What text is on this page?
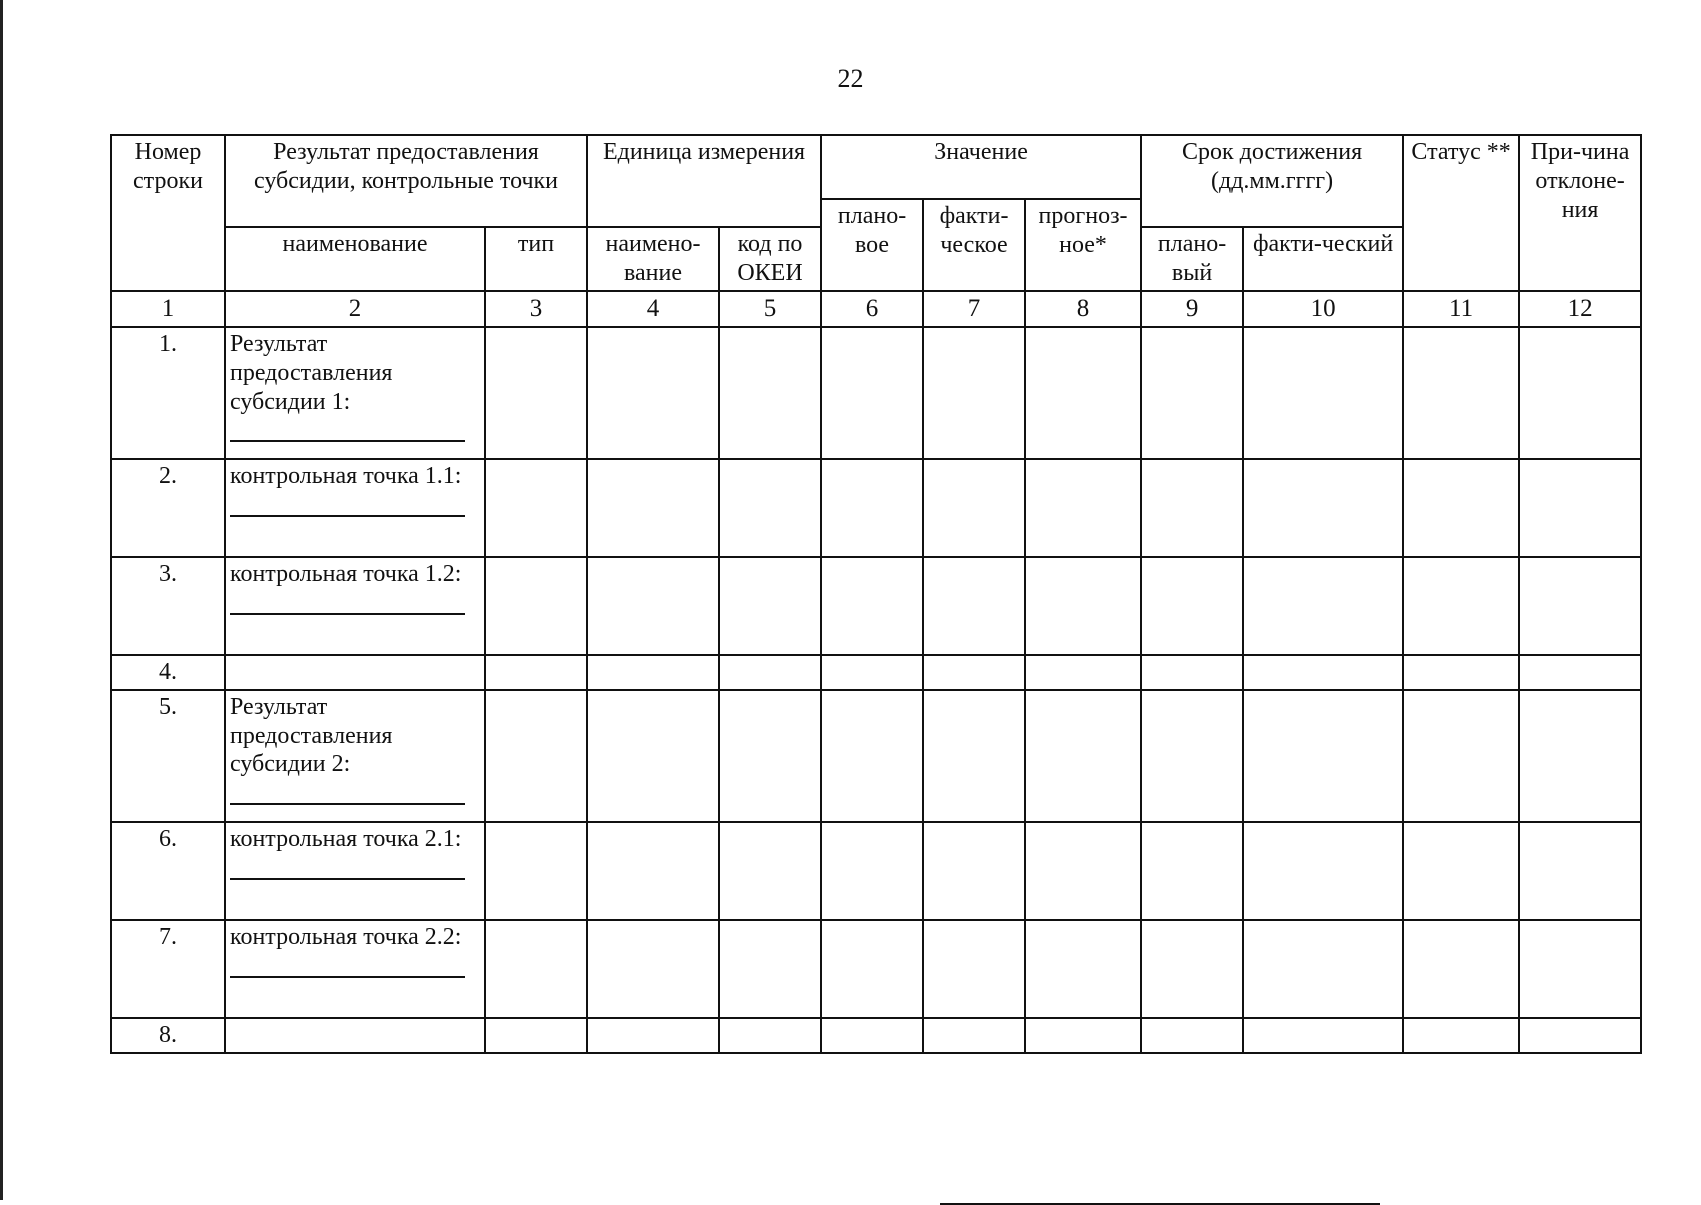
22
Номер строки	Результат предоставления субсидии, контрольные точки		Единица измерения		Значение			Срок достижения (дд.мм.гггг)		Статус **	При-чина отклоне-ния
					плано-вое	факти-ческое	прогноз-ное*				
	наименование	тип	наимено-вание	код по ОКЕИ				плано-вый	факти-ческий		
1	2	3	4	5	6	7	8	9	10	11	12
1.	Результат предоставления субсидии 1:										

2.	контрольная точка 1.1:										

3.	контрольная точка 1.2:										

4.	

5.	Результат предоставления субсидии 2:										

6.	контрольная точка 2.1:										

7.	контрольная точка 2.2:										

8.	
